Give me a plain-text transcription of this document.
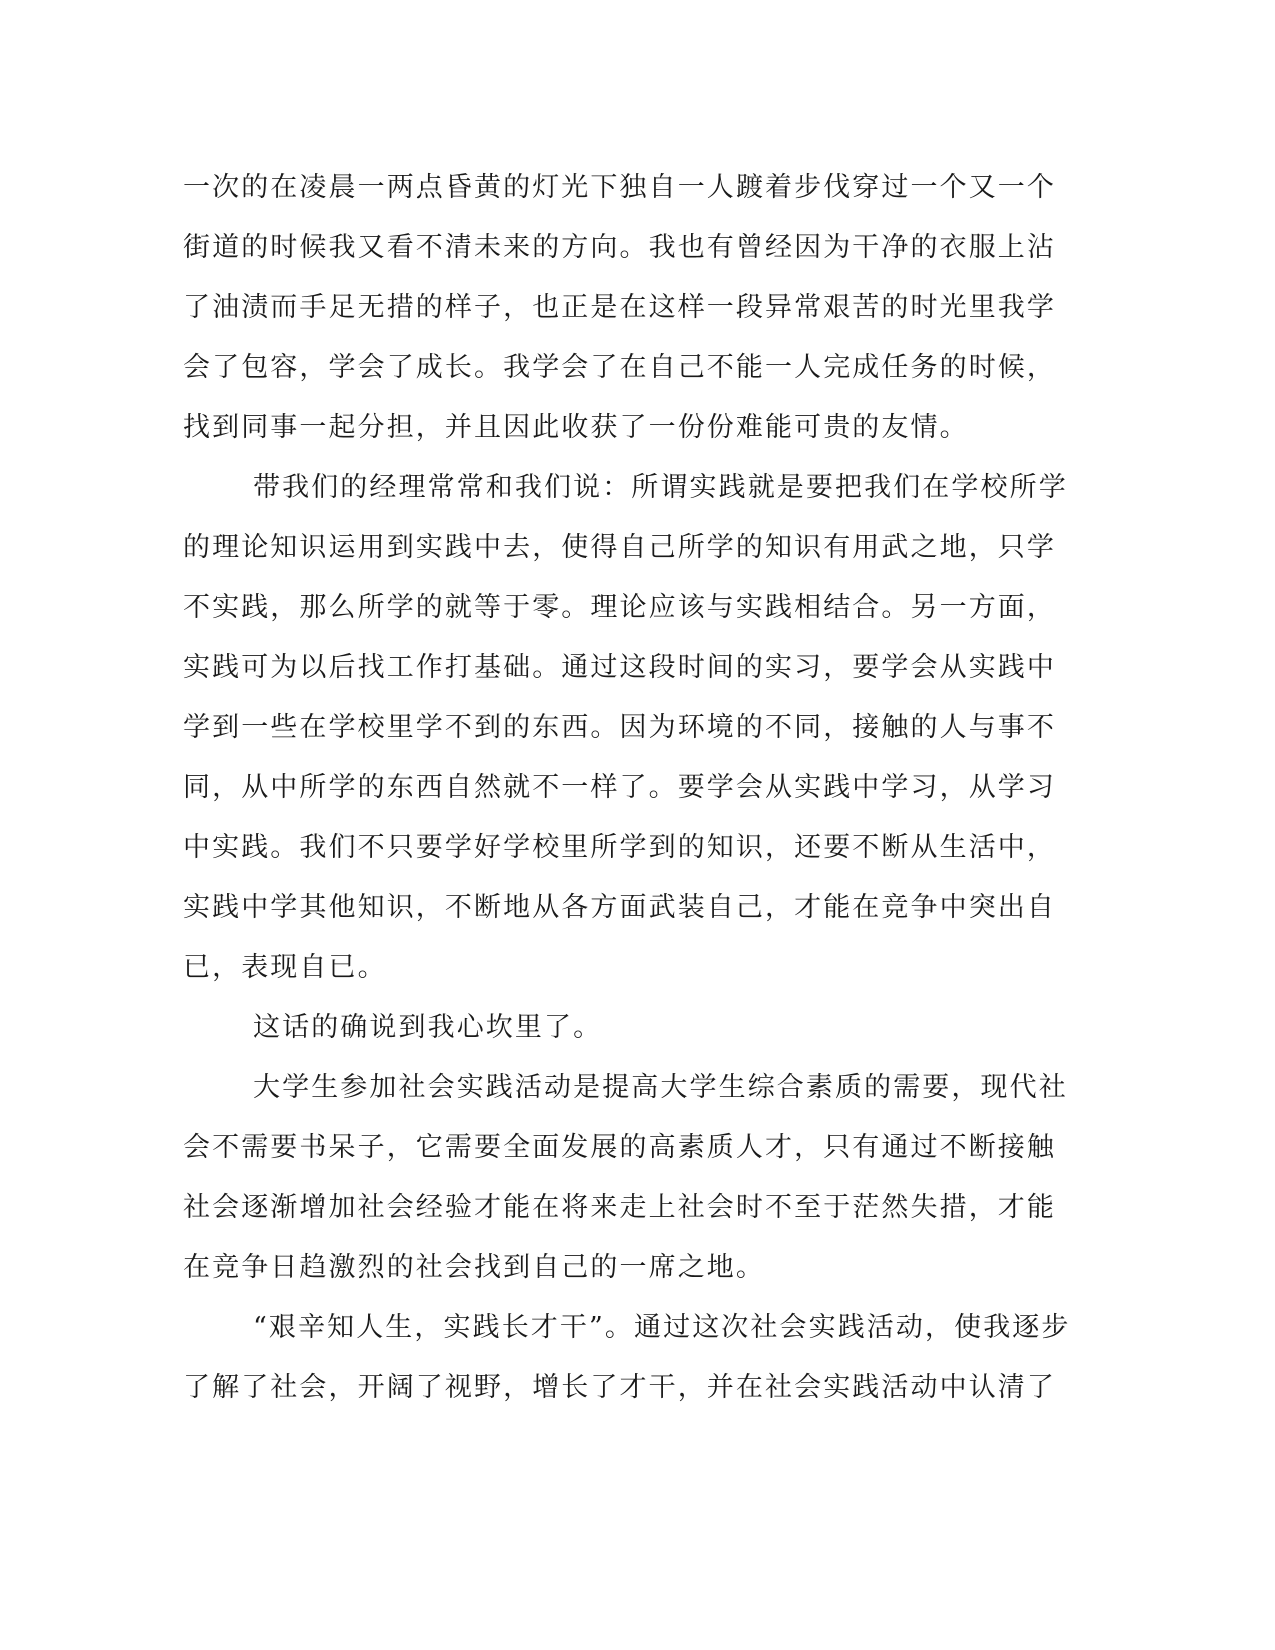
一次的在凌晨一两点昏黄的灯光下独自一人踱着步伐穿过一个又一个
街道的时候我又看不清未来的方向。我也有曾经因为干净的衣服上沾
了油渍而手足无措的样子，也正是在这样一段异常艰苦的时光里我学
会了包容，学会了成长。我学会了在自己不能一人完成任务的时候，
找到同事一起分担，并且因此收获了一份份难能可贵的友情。
带我们的经理常常和我们说：所谓实践就是要把我们在学校所学
的理论知识运用到实践中去，使得自己所学的知识有用武之地，只学
不实践，那么所学的就等于零。理论应该与实践相结合。另一方面，
实践可为以后找工作打基础。通过这段时间的实习，要学会从实践中
学到一些在学校里学不到的东西。因为环境的不同，接触的人与事不
同，从中所学的东西自然就不一样了。要学会从实践中学习，从学习
中实践。我们不只要学好学校里所学到的知识，还要不断从生活中，
实践中学其他知识，不断地从各方面武装自己，才能在竞争中突出自
已，表现自已。
这话的确说到我心坎里了。
大学生参加社会实践活动是提高大学生综合素质的需要，现代社
会不需要书呆子，它需要全面发展的高素质人才，只有通过不断接触
社会逐渐增加社会经验才能在将来走上社会时不至于茫然失措，才能
在竞争日趋激烈的社会找到自己的一席之地。
“艰辛知人生，实践长才干”。通过这次社会实践活动，使我逐步
了解了社会，开阔了视野，增长了才干，并在社会实践活动中认清了
